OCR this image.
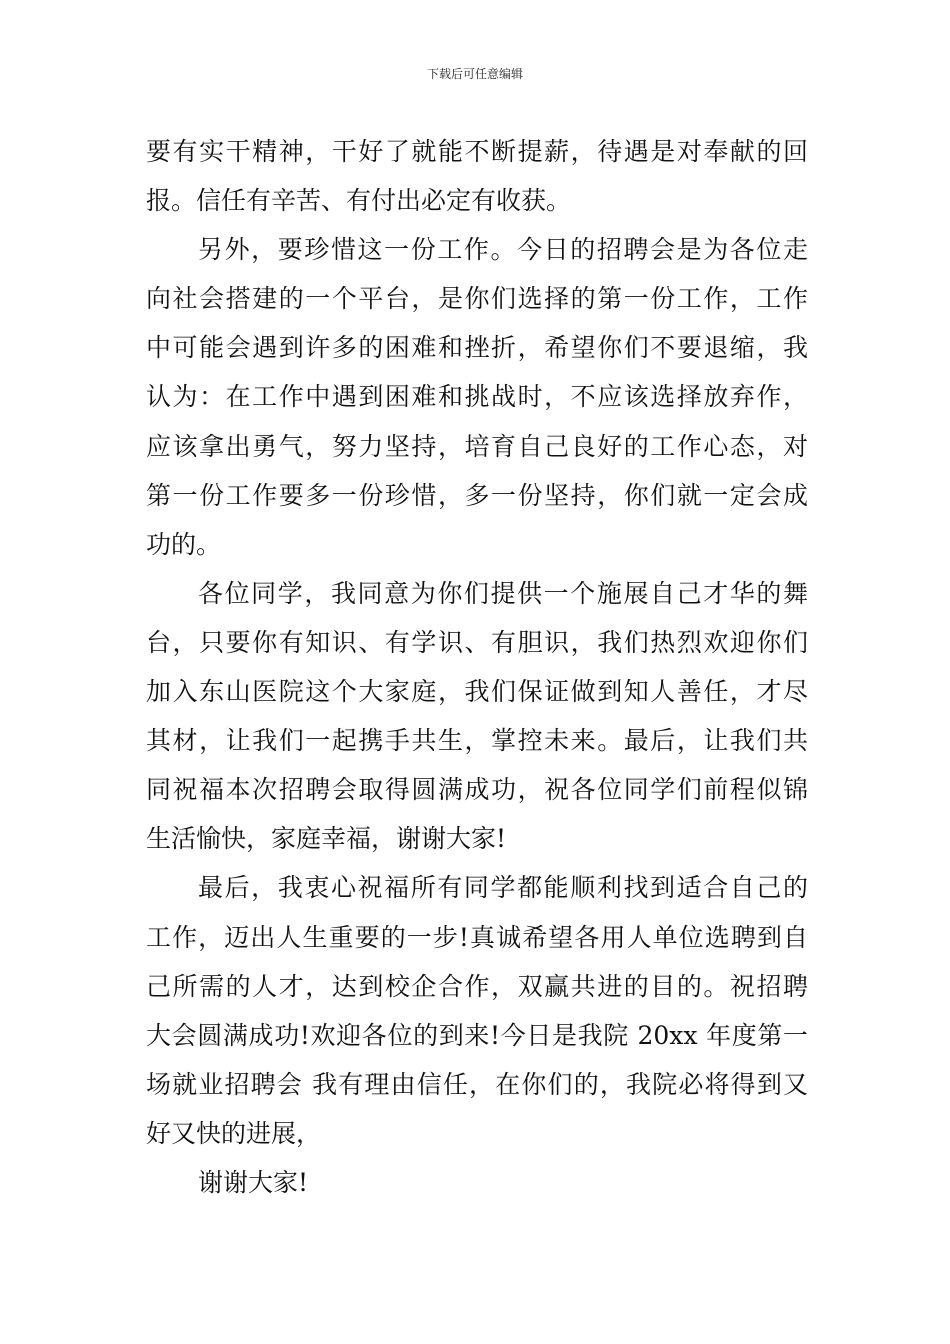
下载后可任意编辑
要有实干精神，干好了就能不断提薪，待遇是对奉献的回
报。信任有辛苦、有付出必定有收获。
另外，要珍惜这一份工作。今日的招聘会是为各位走
向社会搭建的一个平台，是你们选择的第一份工作，工作
中可能会遇到许多的困难和挫折，希望你们不要退缩，我
认为：在工作中遇到困难和挑战时，不应该选择放弃作，
应该拿出勇气，努力坚持，培育自己良好的工作心态，对
第一份工作要多一份珍惜，多一份坚持，你们就一定会成
功的。
各位同学，我同意为你们提供一个施展自己才华的舞
台，只要你有知识、有学识、有胆识，我们热烈欢迎你们
加入东山医院这个大家庭，我们保证做到知人善任，才尽
其材，让我们一起携手共生，掌控未来。最后，让我们共
同祝福本次招聘会取得圆满成功，祝各位同学们前程似锦
生活愉快，家庭幸福，谢谢大家!
最后，我衷心祝福所有同学都能顺利找到适合自己的
工作，迈出人生重要的一步!真诚希望各用人单位选聘到自
己所需的人才，达到校企合作，双赢共进的目的。祝招聘
大会圆满成功!欢迎各位的到来!今日是我院 20xx 年度第一
场就业招聘会 我有理由信任，在你们的，我院必将得到又
好又快的进展，
谢谢大家!
